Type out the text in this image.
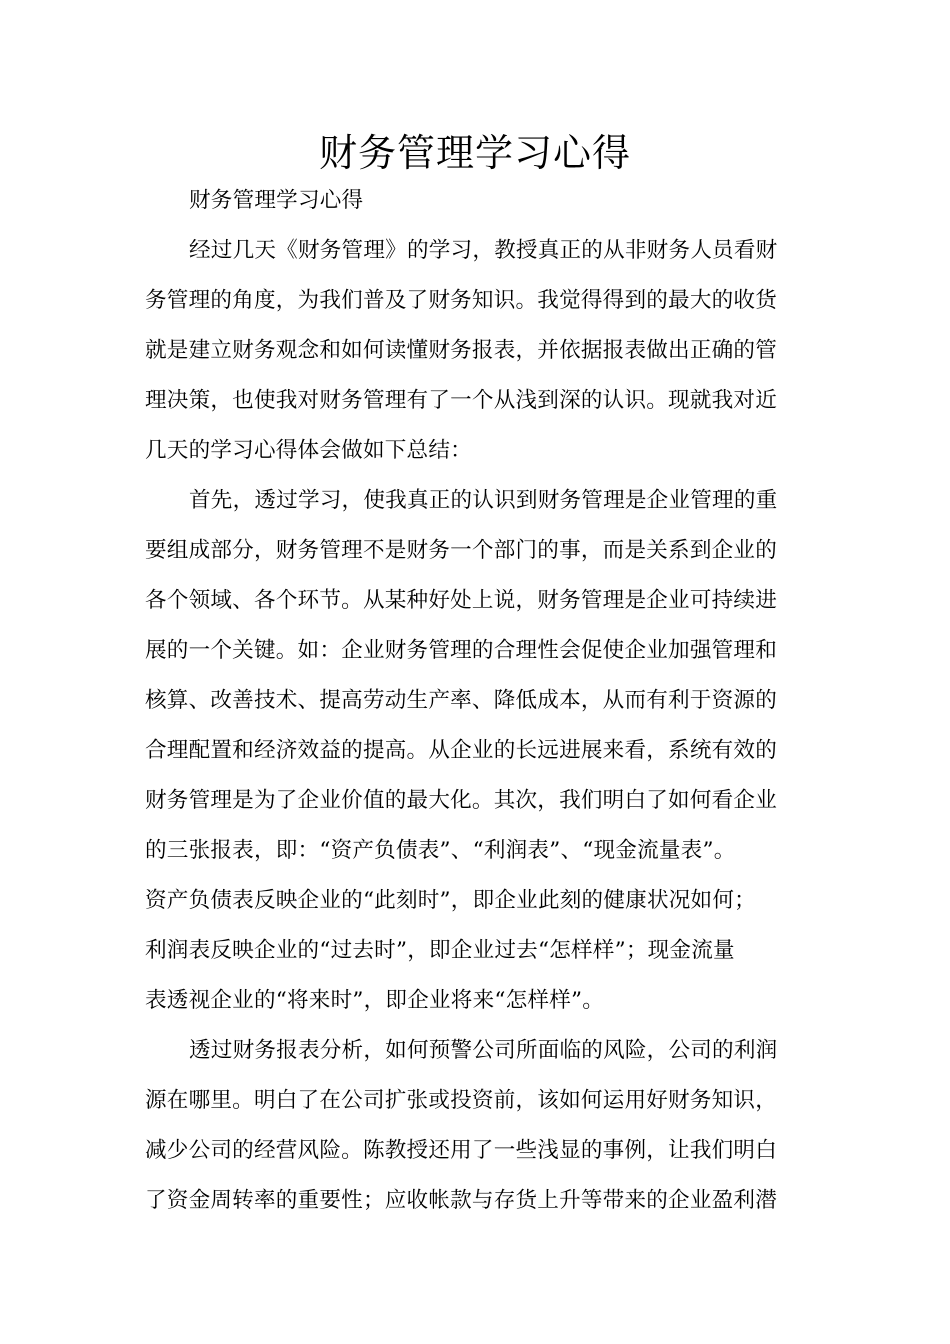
财务管理学习心得
财务管理学习心得
经过几天《财务管理》的学习，教授真正的从非财务人员看财
务管理的角度，为我们普及了财务知识。我觉得得到的最大的收货
就是建立财务观念和如何读懂财务报表，并依据报表做出正确的管
理决策，也使我对财务管理有了一个从浅到深的认识。现就我对近
几天的学习心得体会做如下总结：
首先，透过学习，使我真正的认识到财务管理是企业管理的重
要组成部分，财务管理不是财务一个部门的事，而是关系到企业的
各个领域、各个环节。从某种好处上说，财务管理是企业可持续进
展的一个关键。如：企业财务管理的合理性会促使企业加强管理和
核算、改善技术、提高劳动生产率、降低成本，从而有利于资源的
合理配置和经济效益的提高。从企业的长远进展来看，系统有效的
财务管理是为了企业价值的最大化。其次，我们明白了如何看企业
的三张报表，即：“资产负债表”、“利润表”、“现金流量表”。
资产负债表反映企业的“此刻时”，即企业此刻的健康状况如何；
利润表反映企业的“过去时”，即企业过去“怎样样”；现金流量
表透视企业的“将来时”，即企业将来“怎样样”。
透过财务报表分析，如何预警公司所面临的风险，公司的利润
源在哪里。明白了在公司扩张或投资前，该如何运用好财务知识，
减少公司的经营风险。陈教授还用了一些浅显的事例，让我们明白
了资金周转率的重要性；应收帐款与存货上升等带来的企业盈利潜
